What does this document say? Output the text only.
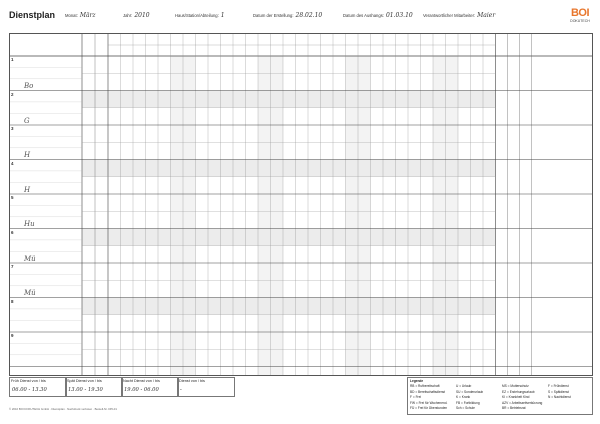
Dienstplan Monat: März	Jahr: 2010	Haus/Station/Abteilung: 1	Datum der Erstellung: 28.02.10	Datum des Aushangs: 01.03.10 Verantwortlicher Mitarbeiter: Maier	BOI
DOKUTECH
1
Bo
2
G
3
H
4
H
5
Hu
6
Mü
7
Mü
8
9
Früh Dienst von / bis
06.00 - 13.30
Spät Dienst von / bis
13.00 - 19.30
Nacht Dienst von / bis
19.00 - 06.00
Dienst von / bis
-
Legende
RB = Rufbereitschaft
BD = Bereitschaftsdienst
F = Frei
FW = Frei für Wochenend.
FÜ = Frei für Überstunden
U = Urlaub
SU = Sonderurlaub
K = Krank
FB = Fortbildung
Sch = Schule
MS = Mutterschutz
EZ = Erziehungsurlaub
KI = Krankheit Kind
AZV = Arbeitszeitverkürzung
BR = Betriebsrat
F = Frühdienst
S = Spätdienst
N = Nachtdienst
© 2010 BOI DOKUTECH GmbH · Dienstplan · Nachdruck verboten · Bestell-Nr. DPL01
